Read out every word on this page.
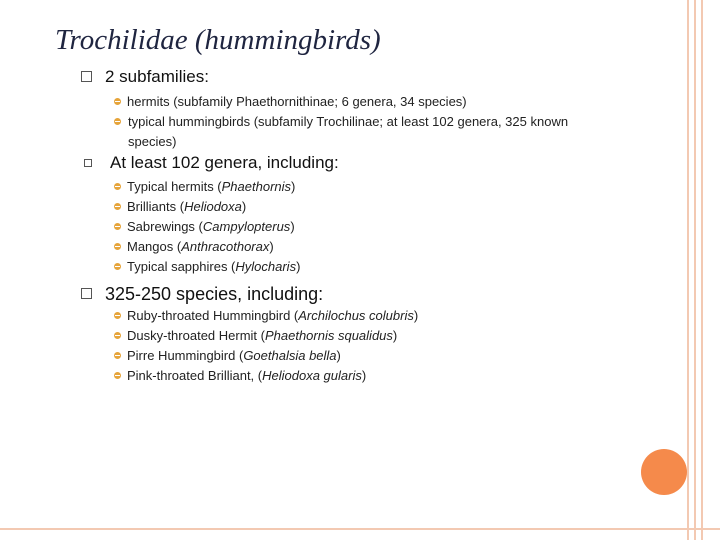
Trochilidae (hummingbirds)
2 subfamilies:
hermits (subfamily Phaethornithinae; 6 genera, 34 species)
typical hummingbirds (subfamily Trochilinae; at least 102 genera, 325 known species)
At least 102 genera, including:
Typical hermits (Phaethornis)
Brilliants (Heliodoxa)
Sabrewings (Campylopterus)
Mangos (Anthracothorax)
Typical sapphires (Hylocharis)
325-250 species, including:
Ruby-throated Hummingbird (Archilochus colubris)
Dusky-throated Hermit (Phaethornis squalidus)
Pirre Hummingbird (Goethalsia bella)
Pink-throated Brilliant, (Heliodoxa gularis)
